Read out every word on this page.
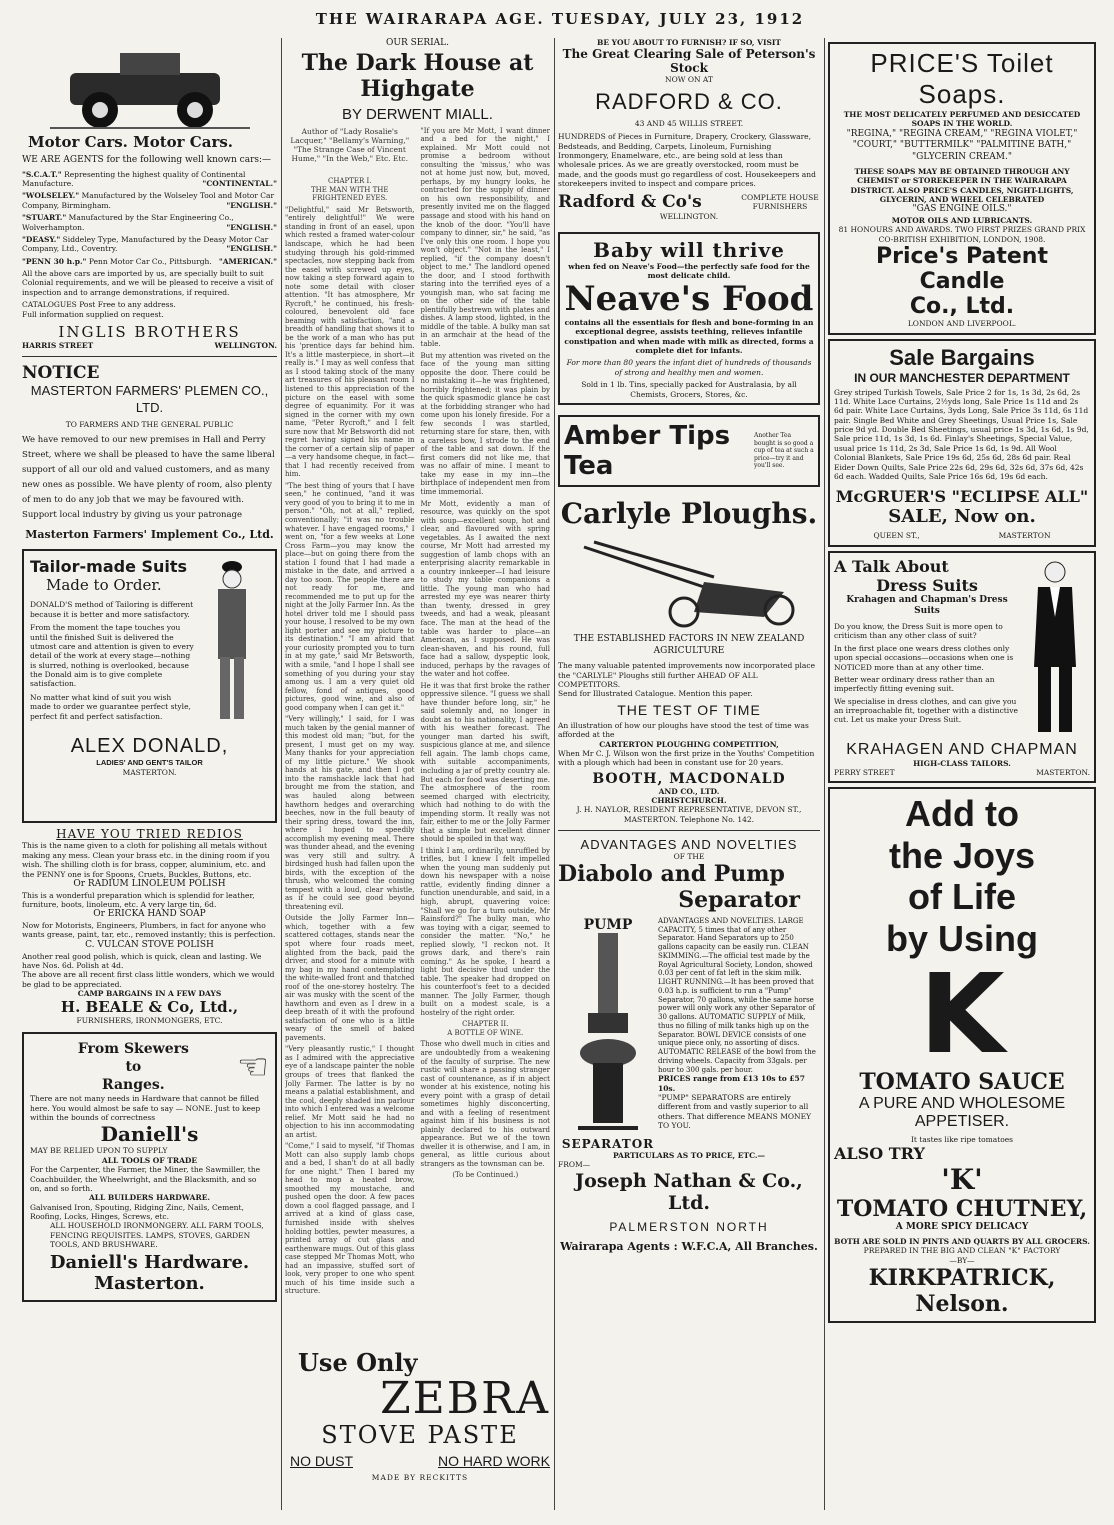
THE WAIRARAPA AGE. TUESDAY, JULY 23, 1912
Motor Cars. Motor Cars.
WE ARE AGENTS for the following well known cars:—
"S.C.A.T." Representing the highest quality of Continental Manufacture.	"CONTINENTAL."
"WOLSELEY." Manufactured by the Wolseley Tool and Motor Car Company, Birmingham.	"ENGLISH."
"STUART." Manufactured by the Star Engineering Co., Wolverhampton.	"ENGLISH."
"DEASY." Siddeley Type, Manufactured by the Deasy Motor Car Company, Ltd., Coventry.	"ENGLISH."
"PENN 30 h.p." Penn Motor Car Co., Pittsburgh. "AMERICAN."
All the above cars are imported by us, are specially built to suit Colonial requirements, and we will be pleased to receive a visit of inspection and to arrange demonstrations, if required.
CATALOGUES Post Free to any address.
Full information supplied on request.
INGLIS BROTHERS
HARRIS STREET	WELLINGTON.
NOTICE
MASTERTON FARMERS' PLEMEN CO., LTD.
TO FARMERS AND THE GENERAL PUBLIC
We have removed to our new premises in Hall and Perry Street, where we shall be pleased to have the same liberal support of all our old and valued customers, and as many new ones as possible. We have plenty of room, also plenty of men to do any job that we may be favoured with. Support local industry by giving us your patronage
Masterton Farmers' Implement Co., Ltd.
Tailor-made Suits
Made to Order.
DONALD'S method of Tailoring is different because it is better and more satisfactory.
From the moment the tape touches you until the finished Suit is delivered the utmost care and attention is given to every detail of the work at every stage—nothing is slurred, nothing is overlooked, because the Donald aim is to give complete satisfaction.
No matter what kind of suit you wish made to order we guarantee perfect style, perfect fit and perfect satisfaction.
ALEX DONALD,
LADIES' AND GENT'S TAILOR
MASTERTON.
HAVE YOU TRIED REDIOS
This is the name given to a cloth for polishing all metals without making any mess. Clean your brass etc. in the dining room if you wish. The shilling cloth is for brass, copper, aluminium, etc. and the PENNY one is for Spoons, Cruets, Buckles, Buttons, etc.
Or RADIUM LINOLEUM POLISH
This is a wonderful preparation which is splendid for leather, furniture, boots, linoleum, etc. A very large tin, 6d.
Or ERICKA HAND SOAP
Now for Motorists, Engineers, Plumbers, in fact for anyone who wants grease, paint, tar, etc., removed instantly; this is perfection.
C. VULCAN STOVE POLISH
Another real good polish, which is quick, clean and lasting. We have Nos. 6d. Polish at 4d.
The above are all recent first class little wonders, which we would be glad to be appreciated.
CAMP BARGAINS IN A FEW DAYS
H. BEALE & Co, Ltd.,
FURNISHERS, IRONMONGERS, ETC.
From Skewers
to
Ranges.	☜
There are not many needs in Hardware that cannot be filled here. You would almost be safe to say — NONE. Just to keep within the bounds of correctness
Daniell's
MAY BE RELIED UPON TO SUPPLY
ALL TOOLS OF TRADE
For the Carpenter, the Farmer, the Miner, the Sawmiller, the Coachbuilder, the Wheelwright, and the Blacksmith, and so on, and so forth.
ALL BUILDERS HARDWARE.
Galvanised Iron, Spouting, Ridging Zinc, Nails, Cement, Roofing, Locks, Hinges, Screws, etc.
ALL HOUSEHOLD IRONMONGERY. ALL FARM TOOLS, FENCING REQUISITES. LAMPS, STOVES, GARDEN TOOLS, AND BRUSHWARE.
Daniell's Hardware.
Masterton.
OUR SERIAL.
The Dark House at Highgate
BY DERWENT MIALL.
Author of "Lady Rosalie's Lacquer," "Bellamy's Warning," "The Strange Case of Vincent Hume," "In the Web," Etc. Etc.
CHAPTER I.
THE MAN WITH THE FRIGHTENED EYES.

"Delightful," said Mr Betsworth, "entirely delightful!" We were standing in front of an easel, upon which rested a framed water-colour landscape, which he had been studying through his gold-rimmed spectacles, now stepping back from the easel with screwed up eyes, now taking a step forward again to note some detail with closer attention. "It has atmosphere, Mr Rycroft," he continued, his fresh-coloured, benevolent old face beaming with satisfaction, "and a breadth of handling that shows it to be the work of a man who has put his 'prentice days far behind him. It's a little masterpiece, in short—it really is." I may as well confess that as I stood taking stock of the many art treasures of his pleasant room I listened to this appreciation of the picture on the easel with some degree of equanimity. For it was signed in the corner with my own name, "Peter Rycroft," and I felt sure now that Mr Betsworth did not regret having signed his name in the corner of a certain slip of paper—a very handsome cheque, in fact—that I had recently received from him.

"The best thing of yours that I have seen," he continued, "and it was very good of you to bring it to me in person." "Oh, not at all," replied, conventionally; "it was no trouble whatever. I have engaged rooms," I went on, "for a few weeks at Lone Cross Farm—you may know the place—but on going there from the station I found that I had made a mistake in the date, and arrived a day too soon. The people there are not ready for me, and recommended me to put up for the night at the Jolly Farmer Inn. As the hotel driver told me I should pass your house, I resolved to be my own light porter and see my picture to its destination." "I am afraid that your curiosity prompted you to turn in at my gate," said Mr Betsworth, with a smile, "and I hope I shall see something of you during your stay among us. I am a very quiet old fellow, fond of antiques, good pictures, good wine, and also of good company when I can get it."

"Very willingly," I said, for I was much taken by the genial manner of this modest old man; "but, for the present, I must get on my way. Many thanks for your appreciation of my little picture." We shook hands at his gate, and then I got into the ramshackle lack that had brought me from the station, and was hauled along between hawthorn hedges and overarching beeches, now in the full beauty of their spring dress, toward the inn, where I hoped to speedily accomplish my evening meal. There was thunder ahead, and the evening was very still and sultry. A birdsinged hush had fallen upon the birds, with the exception of the thrush, who welcomed the coming tempest with a loud, clear whistle, as if he could see good beyond threatening evil.

Outside the Jolly Farmer Inn—which, together with a few scattered cottages, stands near the spot where four roads meet, alighted from the back, paid the driver, and stood for a minute with my bag in my hand contemplating the white-walled front and thatched roof of the one-storey hostelry. The air was musky with the scent of the hawthorn and even as I drew in a deep breath of it with the profound satisfaction of one who is a little weary of the smell of baked pavements.

"Very pleasantly rustic," I thought as I admired with the appreciative eye of a landscape painter the noble groups of trees that flanked the Jolly Farmer. The latter is by no means a palatial establishment, and the cool, deeply shaded inn parlour into which I entered was a welcome relief. Mr Mott said he had no objection to his inn accommodating an artist.

"Come," I said to myself, "if Thomas Mott can also supply lamb chops and a bed, I shan't do at all badly for one night." Then I bared my head to mop a heated brow, smoothed my moustache, and pushed open the door. A few paces down a cool flagged passage, and I arrived at a kind of glass case, furnished inside with shelves holding bottles, pewter measures, a printed array of cut glass and earthenware mugs. Out of this glass case stepped Mr Thomas Mott, who had an impassive, stuffed sort of look, very proper to one who spent much of his time inside such a structure.

"If you are Mr Mott, I want dinner and a bed for the night," I explained. Mr Mott could not promise a bedroom without consulting the 'missus,' who was not at home just now, but, moved, perhaps, by my hungry looks, he contracted for the supply of dinner on his own responsibility, and presently invited me on the flagged passage and stood with his hand on the knob of the door. "You'll have company to dinner, sir," he said, "as I've only this one room. I hope you won't object." "Not in the least," I replied, "if the company doesn't object to me." The landlord opened the door, and I stood forthwith staring into the terrified eyes of a youngish man, who sat facing me on the other side of the table plentifully bestrewn with plates and dishes. A lamp stood, lighted, in the middle of the table. A bulky man sat in an armchair at the head of the table.

But my attention was riveted on the face of the young man sitting opposite the door. There could be no mistaking it—he was frightened, horribly frightened; it was plain by the quick spasmodic glance he cast at the forbidding stranger who had come upon his lonely fireside. For a few seconds I was startled, returning stare for stare, then, with a careless bow, I strode to the end of the table and sat down. If the first comers did not like me, that was no affair of mine. I meant to take my ease in my inn—the birthplace of independent men from time immemorial.

Mr Mott, evidently a man of resource, was quickly on the spot with soup—excellent soup, hot and clear, and flavoured with spring vegetables. As I awaited the next course, Mr Mott had arrested my suggestion of lamb chops with an enterprising alacrity remarkable in a country innkeeper—I had leisure to study my table companions a little. The young man who had arrested my eye was nearer thirty than twenty, dressed in grey tweeds, and had a weak, pleasant face. The man at the head of the table was harder to place—an American, as I supposed. He was clean-shaven, and his round, full face had a sallow, dyspeptic look, induced, perhaps by the ravages of the water and hot coffee.

He it was that first broke the rather oppressive silence. "I guess we shall have thunder before long, sir," he said solemnly and, no longer in doubt as to his nationality, I agreed with his weather forecast. The younger man darted his swift, suspicious glance at me, and silence fell again. The lamb chops came, with suitable accompaniments, including a jar of pretty country ale. But each for food was deserting me. The atmosphere of the room seemed charged with electricity, which had nothing to do with the impending storm. It really was not fair, either to me or the Jolly Farmer that a simple but excellent dinner should be spoiled in that way.

I think I am, ordinarily, unruffled by trifles, but I knew I felt impelled when the young man suddenly put down his newspaper with a noise rattle, evidently finding dinner a function unendurable, and said, in a high, abrupt, quavering voice: "Shall we go for a turn outside, Mr Rainsford?" The bulky man, who was toying with a cigar, seemed to consider the matter. "No," he replied slowly, "I reckon not. It grows dark, and there's rain coming." As he spoke, I heard a light but decisive thud under the table. The speaker had dropped on his counterfoot's feet to a decided manner. The Jolly Farmer, though built on a modest scale, is a hostelry of the right order.

CHAPTER II.
A BOTTLE OF WINE.

Those who dwell much in cities and are undoubtedly from a weakening of the faculty of surprise. The new rustic will share a passing stranger cast of countenance, as if in abject wonder at his existence, noting his every point with a grasp of detail sometimes highly disconcerting, and with a feeling of resentment against him if his business is not plainly declared to his outward appearance. But we of the town dweller it is otherwise, and I am, in general, as little curious about strangers as the townsman can be.

(To be Continued.)
Use Only
ZEBRA
STOVE PASTE
NO DUST	NO HARD WORK
MADE BY RECKITTS
BE YOU ABOUT TO FURNISH? IF SO, VISIT
The Great Clearing Sale of Peterson's Stock
NOW ON AT
RADFORD & CO.
43 AND 45 WILLIS STREET.
HUNDREDS of Pieces in Furniture, Drapery, Crockery, Glassware, Bedsteads, and Bedding, Carpets, Linoleum, Furnishing Ironmongery, Enamelware, etc., are being sold at less than wholesale prices. As we are greatly overstocked, room must be made, and the goods must go regardless of cost. Housekeepers and storekeepers invited to inspect and compare prices.
Radford & Co's	COMPLETE HOUSE FURNISHERS
WELLINGTON.
Baby will thrive
when fed on Neave's Food—the perfectly safe food for the most delicate child.
Neave's Food
contains all the essentials for flesh and bone-forming in an exceptional degree, assists teething, relieves infantile constipation and when made with milk as directed, forms a complete diet for infants.
For more than 80 years the infant diet of hundreds of thousands of strong and healthy men and women.
Sold in 1 lb. Tins, specially packed for Australasia, by all Chemists, Grocers, Stores, &c.
Amber Tips Tea
Another Tea bought is so good a cup of tea at such a price—try it and you'll see.
Carlyle Ploughs.
THE ESTABLISHED FACTORS IN NEW ZEALAND AGRICULTURE
The many valuable patented improvements now incorporated place the "CARLYLE" Ploughs still further AHEAD OF ALL COMPETITORS.
Send for Illustrated Catalogue. Mention this paper.
THE TEST OF TIME
An illustration of how our ploughs have stood the test of time was afforded at the
CARTERTON PLOUGHING COMPETITION,
When Mr C. J. Wilson won the first prize in the Youths' Competition with a plough which had been in constant use for 20 years.
BOOTH, MACDONALD
AND CO., LTD.
CHRISTCHURCH.
J. H. NAYLOR, RESIDENT REPRESENTATIVE, DEVON ST., MASTERTON. Telephone No. 142.
ADVANTAGES AND NOVELTIES
OF THE
Diabolo and Pump
Separator
PUMP
SEPARATOR
ADVANTAGES AND NOVELTIES. LARGE CAPACITY, 5 times that of any other Separator. Hand Separators up to 250 gallons capacity can be easily run. CLEAN SKIMMING.—The official test made by the Royal Agricultural Society, London, showed 0.03 per cent of fat left in the skim milk. LIGHT RUNNING.—It has been proved that 0.03 h.p. is sufficient to run a "Pump" Separator, 70 gallons, while the same horse power will only work any other Separator of 30 gallons. AUTOMATIC SUPPLY of Milk, thus no filling of milk tanks high up on the Separator. BOWL DEVICE consists of one unique piece only, no assorting of discs. AUTOMATIC RELEASE of the bowl from the driving wheels. Capacity from 33gals. per hour to 300 gals. per hour.
PRICES range from £13 10s to £57 10s.
"PUMP" SEPARATORS are entirely different from and vastly superior to all others. That difference MEANS MONEY TO YOU.
PARTICULARS AS TO PRICE, ETC.—
FROM—
Joseph Nathan & Co., Ltd.
PALMERSTON NORTH
Wairarapa Agents : W.F.C.A, All Branches.
PRICE'S Toilet Soaps.
THE MOST DELICATELY PERFUMED AND DESICCATED SOAPS IN THE WORLD.
"REGINA," "REGINA CREAM," "REGINA VIOLET," "COURT," "BUTTERMILK" "PALMITINE BATH," "GLYCERIN CREAM."
THESE SOAPS MAY BE OBTAINED THROUGH ANY CHEMIST or STOREKEEPER IN THE WAIRARAPA DISTRICT. ALSO PRICE'S CANDLES, NIGHT-LIGHTS, GLYCERIN, AND WHEEL CELEBRATED
"GAS ENGINE OILS."
MOTOR OILS AND LUBRICANTS.
81 HONOURS AND AWARDS. TWO FIRST PRIZES GRAND PRIX CO-BRITISH EXHIBITION, LONDON, 1908.
Price's Patent Candle
Co., Ltd.
LONDON AND LIVERPOOL.
Sale Bargains
IN OUR MANCHESTER DEPARTMENT
Grey striped Turkish Towels, Sale Price 2 for 1s, 1s 3d, 2s 6d, 2s 11d. White Lace Curtains, 2½yds long, Sale Price 1s 11d and 2s 6d pair. White Lace Curtains, 3yds Long, Sale Price 3s 11d, 6s 11d pair. Single Bed White and Grey Sheetings, Usual Price 1s, Sale price 9d yd. Double Bed Sheetings, usual price 1s 3d, 1s 6d, 1s 9d, Sale price 11d, 1s 3d, 1s 6d. Finlay's Sheetings, Special Value, usual price 1s 11d, 2s 3d, Sale Price 1s 6d, 1s 9d. All Wool Colonial Blankets, Sale Price 19s 6d, 25s 6d, 28s 6d pair. Real Eider Down Quilts, Sale Price 22s 6d, 29s 6d, 32s 6d, 37s 6d, 42s 6d each. Wadded Quilts, Sale Price 16s 6d, 19s 6d each.
McGRUER'S "ECLIPSE ALL"
SALE, Now on.
QUEEN ST.,	MASTERTON
A Talk About
Dress Suits
Krahagen and Chapman's Dress Suits
Do you know, the Dress Suit is more open to criticism than any other class of suit?
In the first place one wears dress clothes only upon special occasions—occasions when one is NOTICED more than at any other time.
Better wear ordinary dress rather than an imperfectly fitting evening suit.
We specialise in dress clothes, and can give you an irreproachable fit, together with a distinctive cut. Let us make your Dress Suit.
KRAHAGEN AND CHAPMAN
HIGH-CLASS TAILORS.
PERRY STREET	MASTERTON.
Add to
the Joys
of Life
by Using
K
TOMATO SAUCE
A PURE AND WHOLESOME APPETISER.
It tastes like ripe tomatoes
ALSO TRY
'K'
TOMATO CHUTNEY,
A MORE SPICY DELICACY
BOTH ARE SOLD IN PINTS AND QUARTS BY ALL GROCERS.
PREPARED IN THE BIG AND CLEAN "K" FACTORY
—BY—
KIRKPATRICK, Nelson.
